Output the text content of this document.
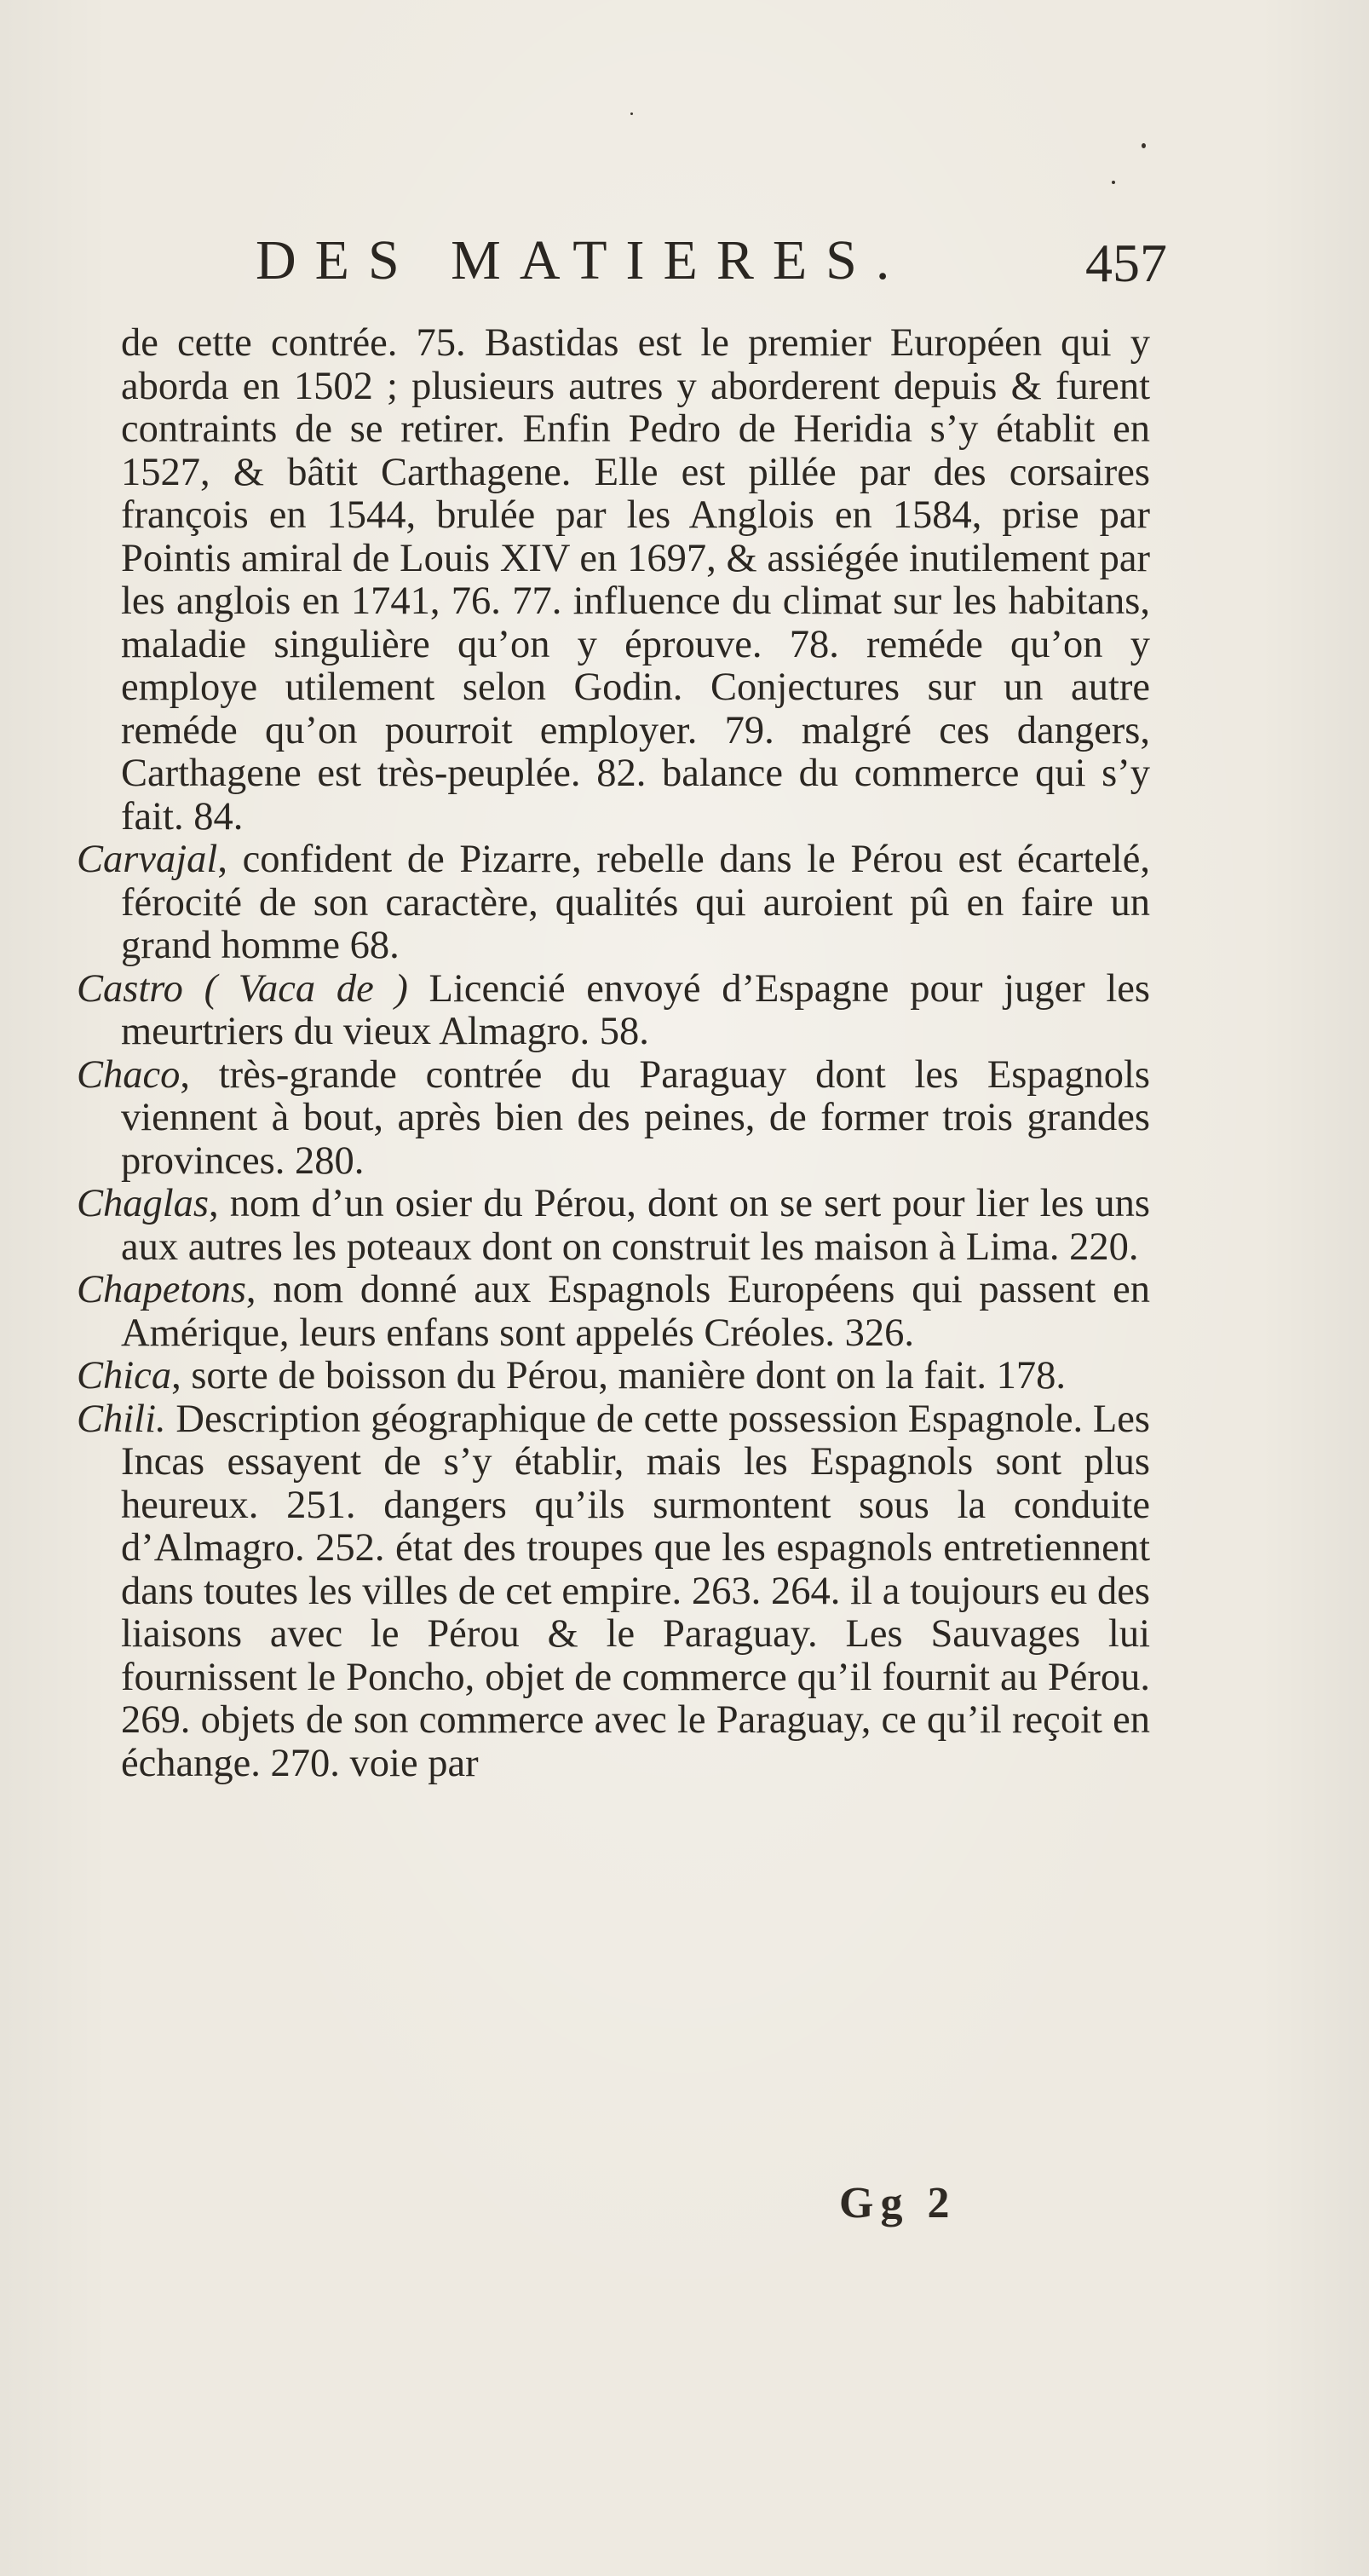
DES MATIERES.	457

de cette contrée. 75. Bastidas est le premier Européen qui y aborda en 1502 ; plusieurs autres y aborderent depuis & furent contraints de se retirer. Enfin Pedro de Heridia s’y établit en 1527, & bâtit Carthagene. Elle est pillée par des corsaires françois en 1544, brulée par les Anglois en 1584, prise par Pointis amiral de Louis XIV en 1697, & assiégée inutilement par les anglois en 1741, 76. 77. influence du climat sur les habitans, maladie singulière qu’on y éprouve. 78. reméde qu’on y employe utilement selon Godin. Conjectures sur un autre reméde qu’on pourroit employer. 79. malgré ces dangers, Carthagene est très-peuplée. 82. balance du commerce qui s’y fait. 84.

Carvajal, confident de Pizarre, rebelle dans le Pérou est écartelé, férocité de son caractère, qualités qui auroient pû en faire un grand homme 68.

Castro ( Vaca de ) Licencié envoyé d’Espagne pour juger les meurtriers du vieux Almagro. 58.

Chaco, très-grande contrée du Paraguay dont les Espagnols viennent à bout, après bien des peines, de former trois grandes provinces. 280.

Chaglas, nom d’un osier du Pérou, dont on se sert pour lier les uns aux autres les poteaux dont on construit les maison à Lima. 220.

Chapetons, nom donné aux Espagnols Européens qui passent en Amérique, leurs enfans sont appelés Créoles. 326.

Chica, sorte de boisson du Pérou, manière dont on la fait. 178.

Chili. Description géographique de cette possession Espagnole. Les Incas essayent de s’y établir, mais les Espagnols sont plus heureux. 251. dangers qu’ils surmontent sous la conduite d’Almagro. 252. état des troupes que les espagnols entretiennent dans toutes les villes de cet empire. 263. 264. il a toujours eu des liaisons avec le Pérou & le Paraguay. Les Sauvages lui fournissent le Poncho, objet de commerce qu’il fournit au Pérou. 269. objets de son commerce avec le Paraguay, ce qu’il reçoit en échange. 270. voie par

Gg 2
